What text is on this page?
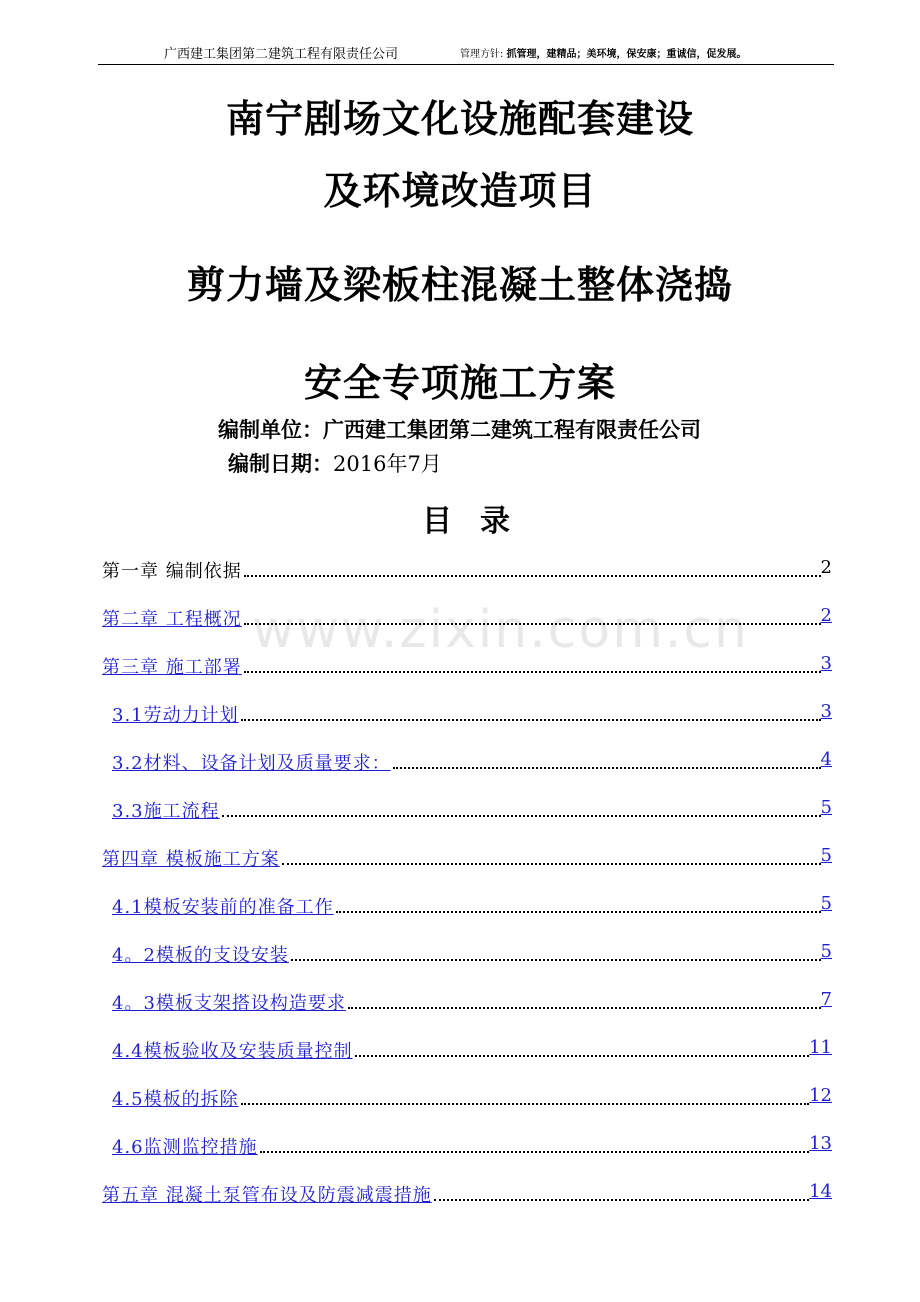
广西建工集团第二建筑工程有限责任公司	管理方针: 抓管理，建精品；美环境，保安康；重诚信，促发展。
南宁剧场文化设施配套建设
及环境改造项目
剪力墙及梁板柱混凝土整体浇捣
安全专项施工方案
编制单位：广西建工集团第二建筑工程有限责任公司
编制日期：2016年7月
目录
www.zixin.com.cn
第一章 编制依据	2
第二章 工程概况	2
第三章 施工部署	3
3.1劳动力计划	3
3.2材料、设备计划及质量要求：	4
3.3施工流程	5
第四章 模板施工方案	5
4.1模板安装前的准备工作	5
4。2模板的支设安装	5
4。3模板支架搭设构造要求	7
4.4模板验收及安装质量控制	11
4.5模板的拆除	12
4.6监测监控措施	13
第五章 混凝土泵管布设及防震减震措施	14
